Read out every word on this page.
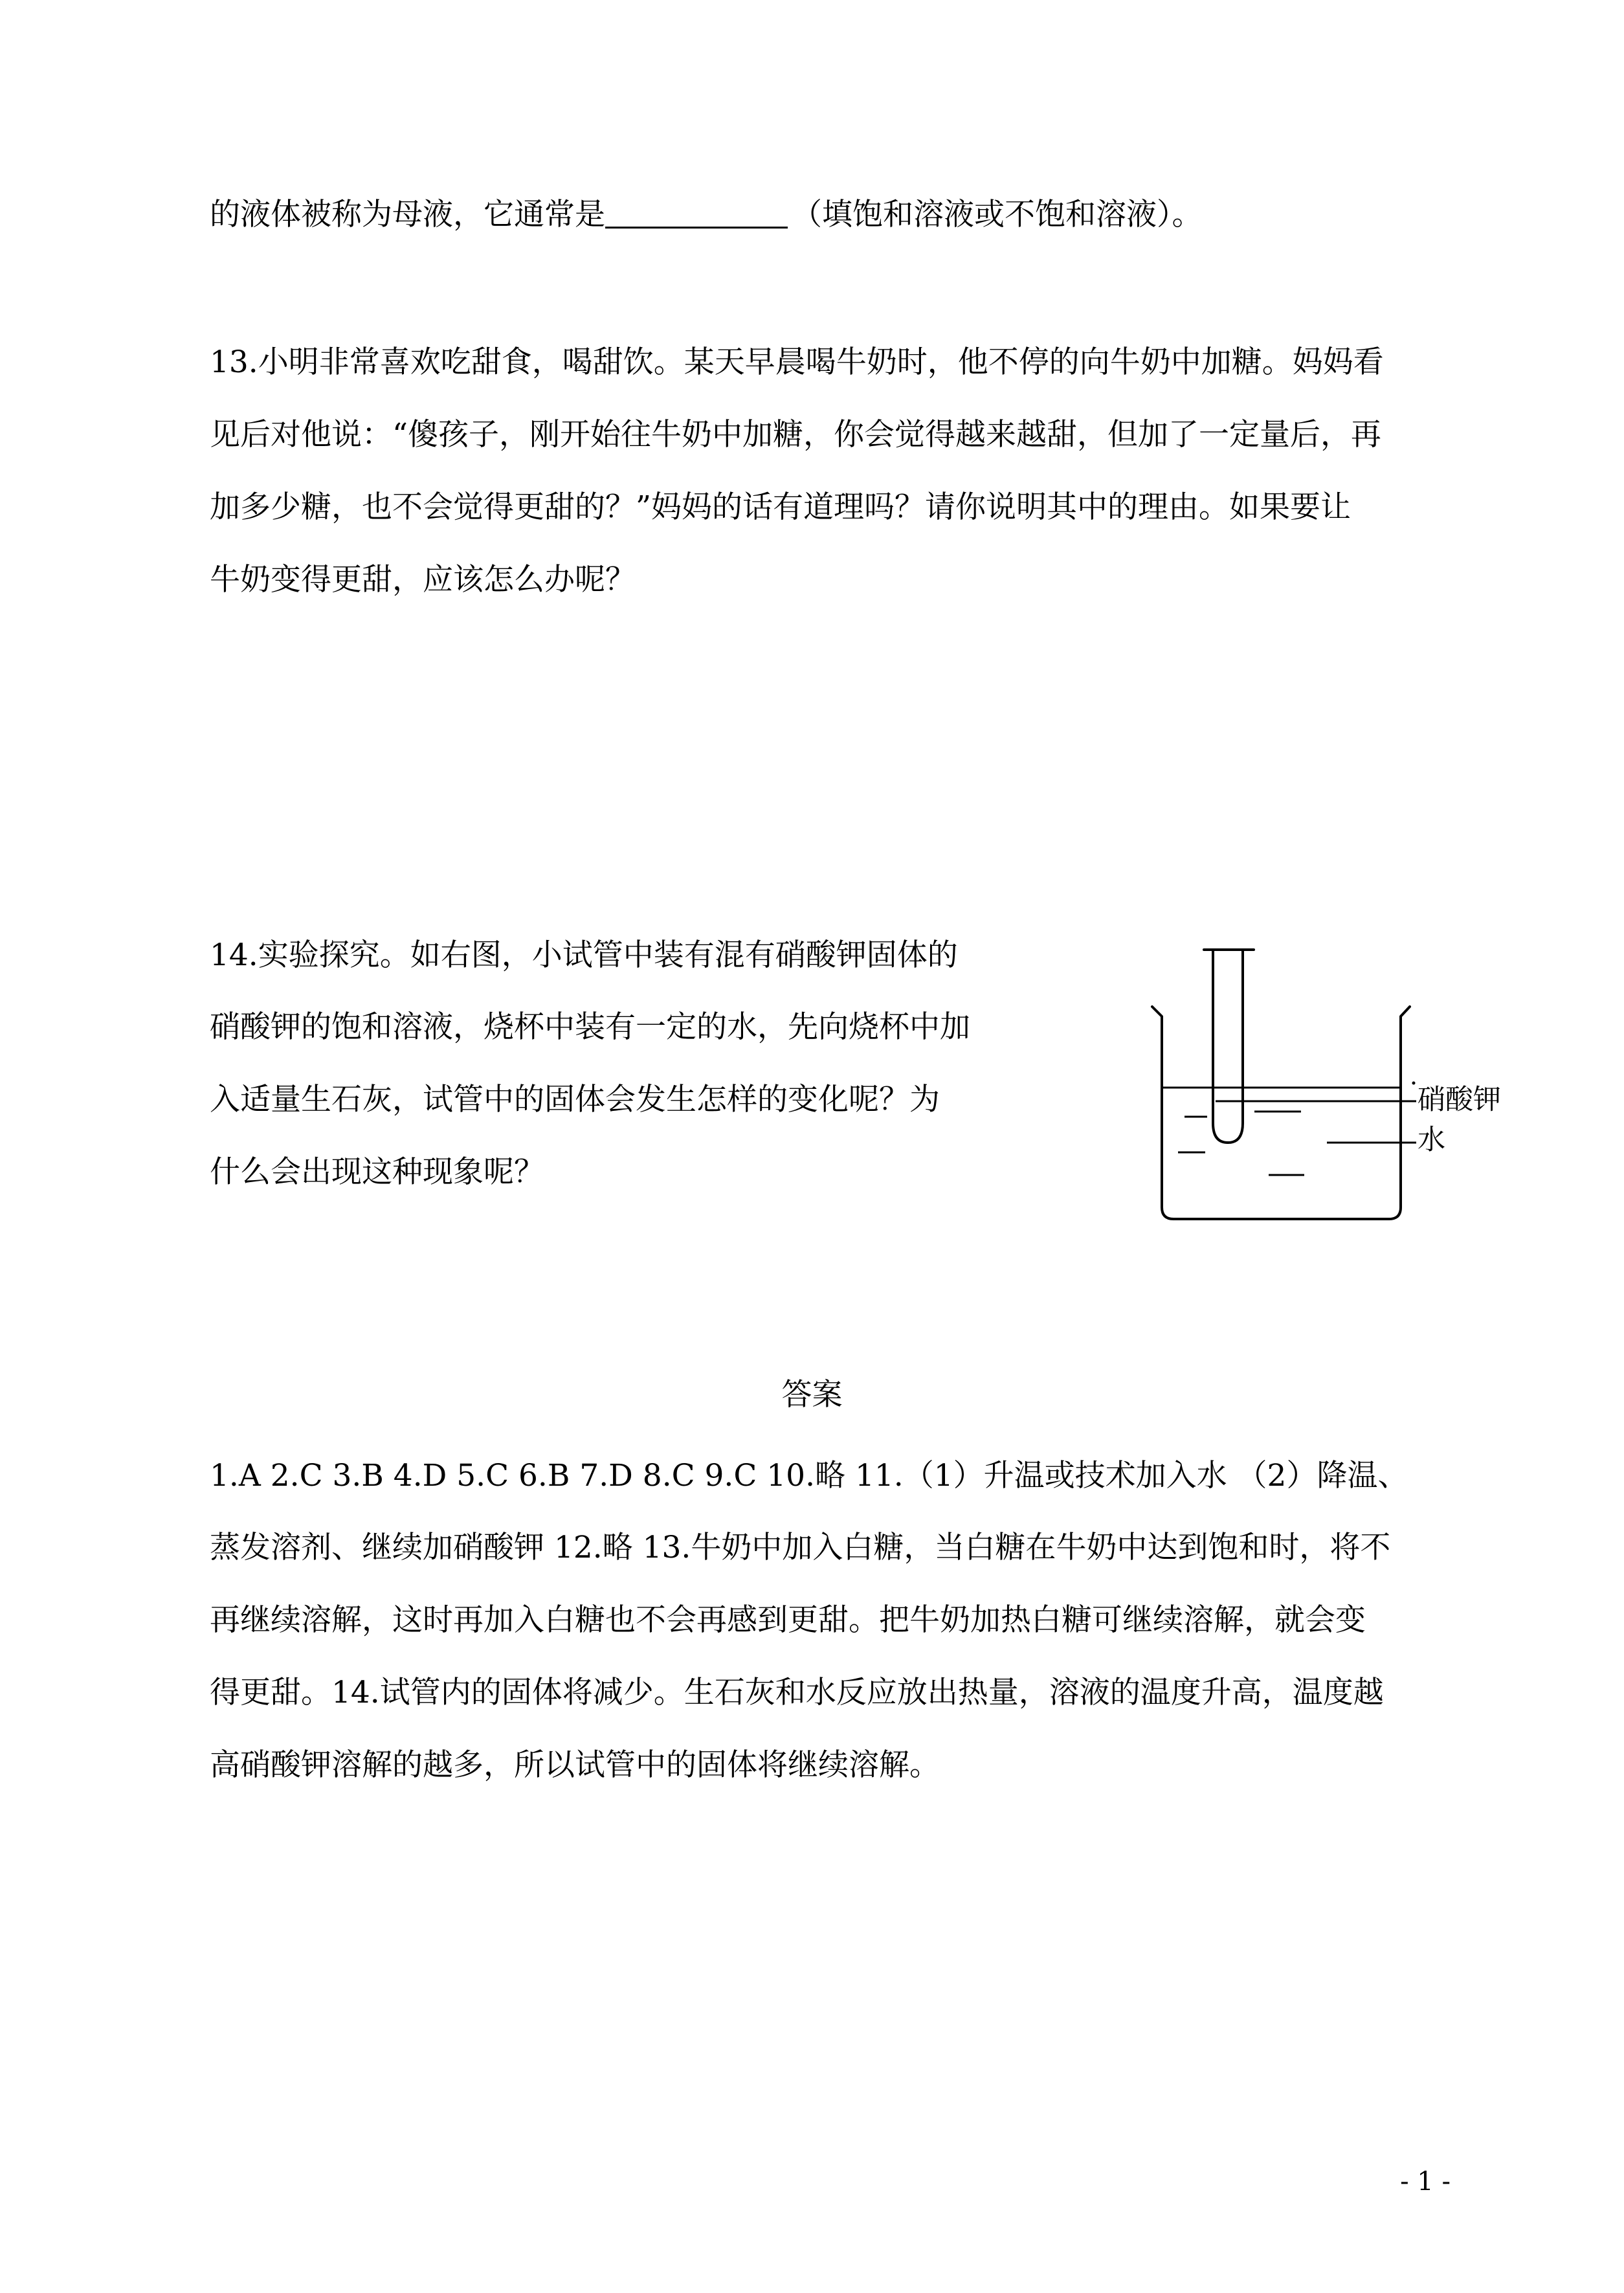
的液体被称为母液，它通常是	（填饱和溶液或不饱和溶液）。
13.小明非常喜欢吃甜食，喝甜饮。某天早晨喝牛奶时，他不停的向牛奶中加糖。妈妈看
见后对他说：“傻孩子，刚开始往牛奶中加糖，你会觉得越来越甜，但加了一定量后，再
加多少糖，也不会觉得更甜的？”妈妈的话有道理吗？请你说明其中的理由。如果要让
牛奶变得更甜，应该怎么办呢？
14.实验探究。如右图，小试管中装有混有硝酸钾固体的
硝酸钾的饱和溶液，烧杯中装有一定的水，先向烧杯中加
入适量生石灰，试管中的固体会发生怎样的变化呢？为
什么会出现这种现象呢？
硝酸钾
水
答案
1.A 2.C 3.B 4.D 5.C 6.B 7.D 8.C 9.C 10.略 11.（1）升温或技术加入水 （2）降温、
蒸发溶剂、继续加硝酸钾 12.略 13.牛奶中加入白糖，当白糖在牛奶中达到饱和时，将不
再继续溶解，这时再加入白糖也不会再感到更甜。把牛奶加热白糖可继续溶解，就会变
得更甜。14.试管内的固体将减少。生石灰和水反应放出热量，溶液的温度升高，温度越
高硝酸钾溶解的越多，所以试管中的固体将继续溶解。
- 1 -
